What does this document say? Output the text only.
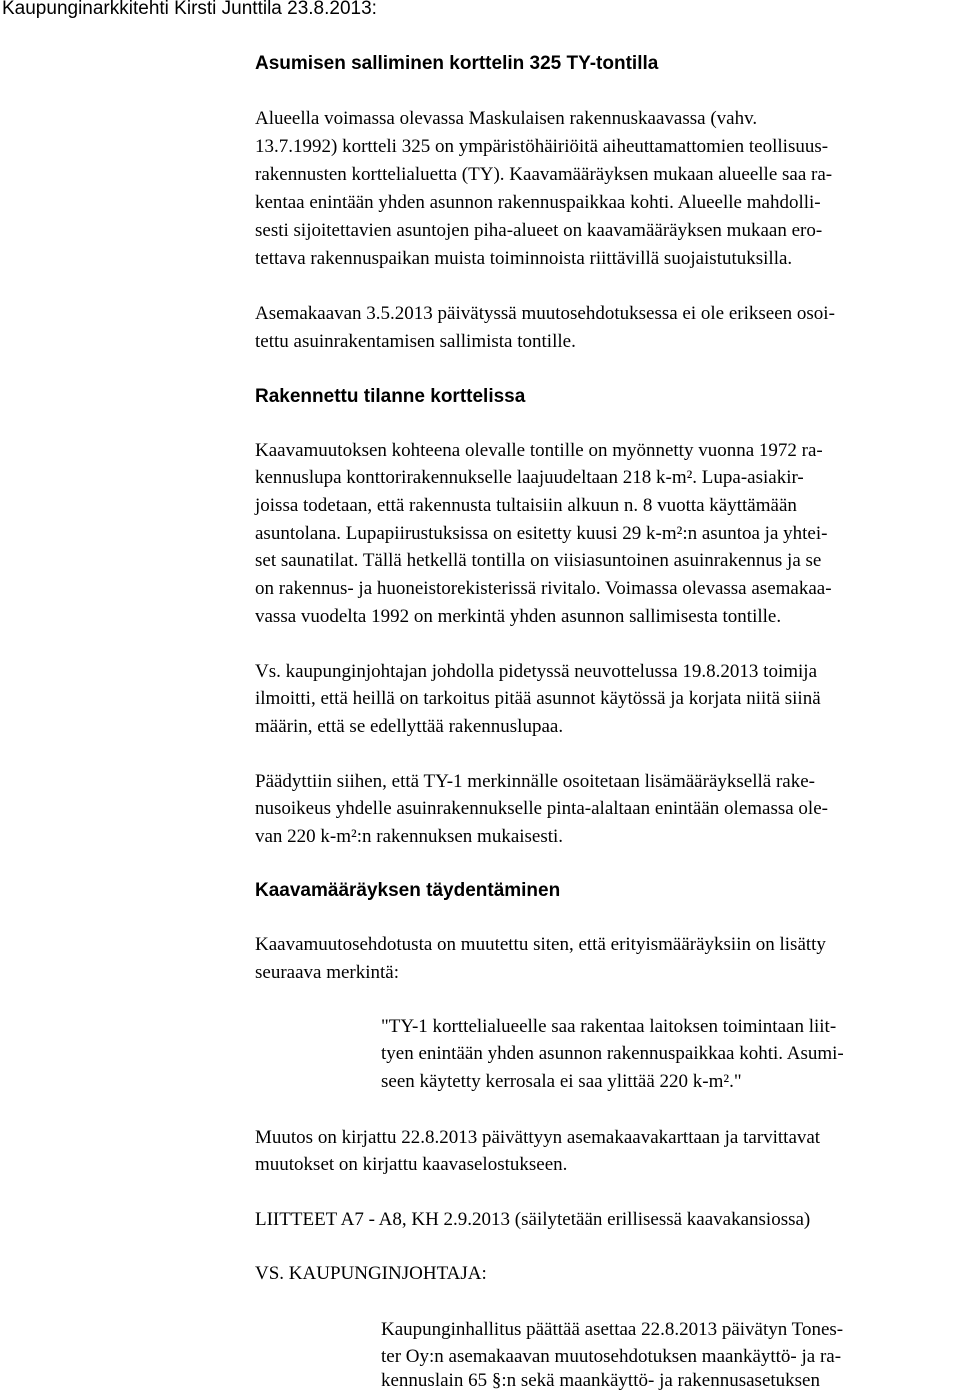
Kaupunginarkkitehti Kirsti Junttila 23.8.2013:
Asumisen salliminen korttelin 325 TY-tontilla
Alueella voimassa olevassa Maskulaisen rakennuskaavassa (vahv.
13.7.1992) kortteli 325 on ympäristöhäiriöitä aiheuttamattomien teollisuus-
rakennusten korttelialuetta (TY). Kaavamääräyksen mukaan alueelle saa ra-
kentaa enintään yhden asunnon rakennuspaikkaa kohti. Alueelle mahdolli-
sesti sijoitettavien asuntojen piha-alueet on kaavamääräyksen mukaan ero-
tettava rakennuspaikan muista toiminnoista riittävillä suojaistutuksilla.
Asemakaavan 3.5.2013 päivätyssä muutosehdotuksessa ei ole erikseen osoi-
tettu asuinrakentamisen sallimista tontille.
Rakennettu tilanne korttelissa
Kaavamuutoksen kohteena olevalle tontille on myönnetty vuonna 1972 ra-
kennuslupa konttorirakennukselle laajuudeltaan 218 k-m². Lupa-asiakir-
joissa todetaan, että rakennusta tultaisiin alkuun n. 8 vuotta käyttämään
asuntolana. Lupapiirustuksissa on esitetty kuusi 29 k-m²:n asuntoa ja yhtei-
set saunatilat. Tällä hetkellä tontilla on viisiasuntoinen asuinrakennus ja se
on rakennus- ja huoneistorekisterissä rivitalo. Voimassa olevassa asemakaa-
vassa vuodelta 1992 on merkintä yhden asunnon sallimisesta tontille.
Vs. kaupunginjohtajan johdolla pidetyssä neuvottelussa 19.8.2013 toimija
ilmoitti, että heillä on tarkoitus pitää asunnot käytössä ja korjata niitä siinä
määrin, että se edellyttää rakennuslupaa.
Päädyttiin siihen, että TY-1 merkinnälle osoitetaan lisämääräyksellä rake-
nusoikeus yhdelle asuinrakennukselle pinta-alaltaan enintään olemassa ole-
van 220 k-m²:n rakennuksen mukaisesti.
Kaavamääräyksen täydentäminen
Kaavamuutosehdotusta on muutettu siten, että erityismääräyksiin on lisätty
seuraava merkintä:
"TY-1 korttelialueelle saa rakentaa laitoksen toimintaan liit-
tyen enintään yhden asunnon rakennuspaikkaa kohti. Asumi-
seen käytetty kerrosala ei saa ylittää 220 k-m²."
Muutos on kirjattu 22.8.2013 päivättyyn asemakaavakarttaan ja tarvittavat
muutokset on kirjattu kaavaselostukseen.
LIITTEET A7 - A8, KH 2.9.2013 (säilytetään erillisessä kaavakansiossa)
VS. KAUPUNGINJOHTAJA:
Kaupunginhallitus päättää asettaa 22.8.2013 päivätyn Tones-
ter Oy:n asemakaavan muutosehdotuksen maankäyttö- ja ra-
kennuslain 65 §:n sekä maankäyttö- ja rakennusasetuksen
